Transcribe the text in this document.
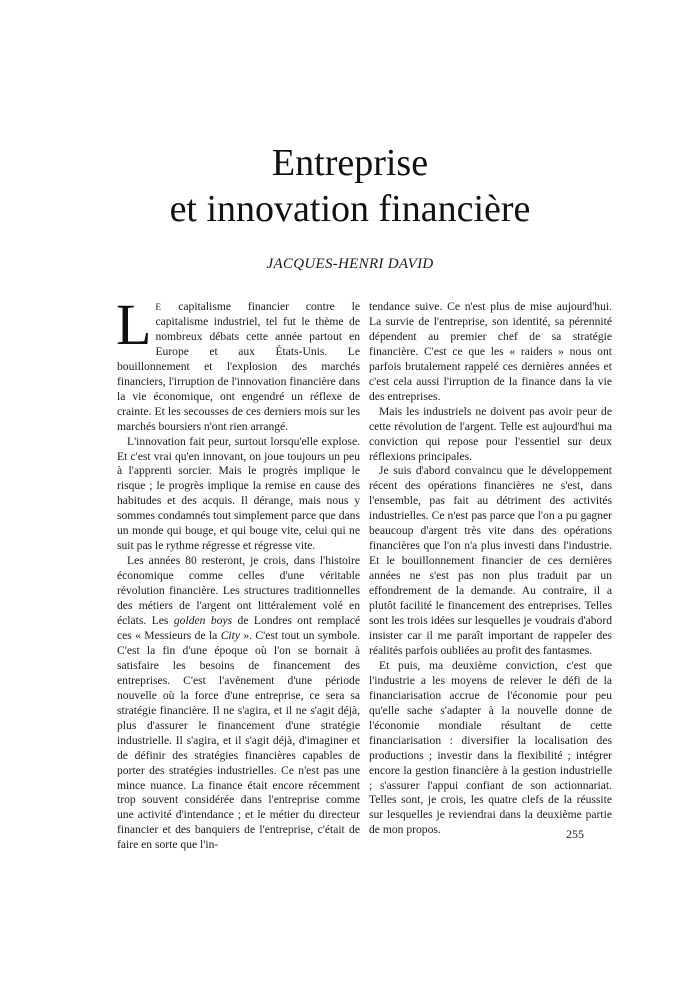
Entreprise
et innovation financière
JACQUES-HENRI DAVID

L E capitalisme financier contre le capitalisme industriel, tel fut le thème de nombreux débats cette année partout en Europe et aux États-Unis. Le bouillonnement et l'explosion des marchés financiers, l'irruption de l'innovation financière dans la vie économique, ont engendré un réflexe de crainte. Et les secousses de ces derniers mois sur les marchés boursiers n'ont rien arrangé.

L'innovation fait peur, surtout lorsqu'elle explose. Et c'est vrai qu'en innovant, on joue toujours un peu à l'apprenti sorcier. Mais le progrès implique le risque ; le progrès implique la remise en cause des habitudes et des acquis. Il dérange, mais nous y sommes condamnés tout simplement parce que dans un monde qui bouge, et qui bouge vite, celui qui ne suit pas le rythme régresse et régresse vite.

Les années 80 resteront, je crois, dans l'histoire économique comme celles d'une véritable révolution financière. Les structures traditionnelles des métiers de l'argent ont littéralement volé en éclats. Les golden boys de Londres ont remplacé ces « Messieurs de la City ». C'est tout un symbole. C'est la fin d'une époque où l'on se bornait à satisfaire les besoins de financement des entreprises. C'est l'avènement d'une période nouvelle où la force d'une entreprise, ce sera sa stratégie financière. Il ne s'agira, et il ne s'agit déjà, plus d'assurer le financement d'une stratégie industrielle. Il s'agira, et il s'agit déjà, d'imaginer et de définir des stratégies financières capables de porter des stratégies industrielles. Ce n'est pas une mince nuance. La finance était encore récemment trop souvent considérée dans l'entreprise comme une activité d'intendance ; et le métier du directeur financier et des banquiers de l'entreprise, c'était de faire en sorte que l'in-

tendance suive. Ce n'est plus de mise aujourd'hui. La survie de l'entreprise, son identité, sa pérennité dépendent au premier chef de sa stratégie financière. C'est ce que les « raiders » nous ont parfois brutalement rappelé ces dernières années et c'est cela aussi l'irruption de la finance dans la vie des entreprises.

Mais les industriels ne doivent pas avoir peur de cette révolution de l'argent. Telle est aujourd'hui ma conviction qui repose pour l'essentiel sur deux réflexions principales.

Je suis d'abord convaincu que le développement récent des opérations financières ne s'est, dans l'ensemble, pas fait au détriment des activités industrielles. Ce n'est pas parce que l'on a pu gagner beaucoup d'argent très vite dans des opérations financières que l'on n'a plus investi dans l'industrie. Et le bouillonnement financier de ces dernières années ne s'est pas non plus traduit par un effondrement de la demande. Au contraire, il a plutôt facilité le financement des entreprises. Telles sont les trois idées sur lesquelles je voudrais d'abord insister car il me paraît important de rappeler des réalités parfois oubliées au profit des fantasmes.

Et puis, ma deuxième conviction, c'est que l'industrie a les moyens de relever le défi de la financiarisation accrue de l'économie pour peu qu'elle sache s'adapter à la nouvelle donne de l'économie mondiale résultant de cette financiarisation : diversifier la localisation des productions ; investir dans la flexibilité ; intégrer encore la gestion financière à la gestion industrielle ; s'assurer l'appui confiant de son actionnariat. Telles sont, je crois, les quatre clefs de la réussite sur lesquelles je reviendrai dans la deuxième partie de mon propos.	255
